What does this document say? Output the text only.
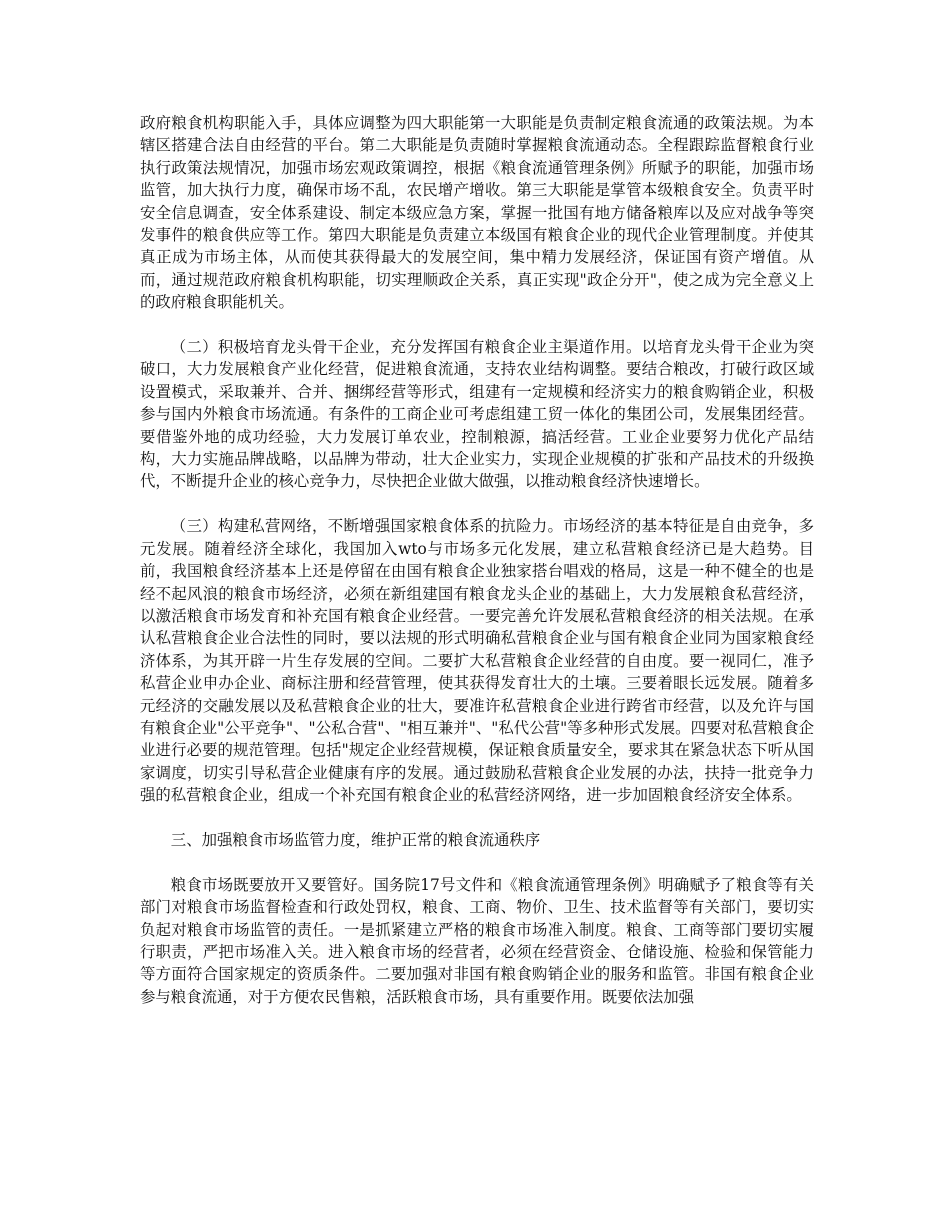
政府粮食机构职能入手，具体应调整为四大职能第一大职能是负责制定粮食流通的政策法规。为本辖区搭建合法自由经营的平台。第二大职能是负责随时掌握粮食流通动态。全程跟踪监督粮食行业执行政策法规情况，加强市场宏观政策调控，根据《粮食流通管理条例》所赋予的职能，加强市场监管，加大执行力度，确保市场不乱，农民增产增收。第三大职能是掌管本级粮食安全。负责平时安全信息调查，安全体系建设、制定本级应急方案，掌握一批国有地方储备粮库以及应对战争等突发事件的粮食供应等工作。第四大职能是负责建立本级国有粮食企业的现代企业管理制度。并使其真正成为市场主体，从而使其获得最大的发展空间，集中精力发展经济，保证国有资产增值。从而，通过规范政府粮食机构职能，切实理顺政企关系，真正实现"政企分开"，使之成为完全意义上的政府粮食职能机关。

（二）积极培育龙头骨干企业，充分发挥国有粮食企业主渠道作用。以培育龙头骨干企业为突破口，大力发展粮食产业化经营，促进粮食流通，支持农业结构调整。要结合粮改，打破行政区域设置模式，采取兼并、合并、捆绑经营等形式，组建有一定规模和经济实力的粮食购销企业，积极参与国内外粮食市场流通。有条件的工商企业可考虑组建工贸一体化的集团公司，发展集团经营。要借鉴外地的成功经验，大力发展订单农业，控制粮源，搞活经营。工业企业要努力优化产品结构，大力实施品牌战略，以品牌为带动，壮大企业实力，实现企业规模的扩张和产品技术的升级换代，不断提升企业的核心竞争力，尽快把企业做大做强，以推动粮食经济快速增长。

（三）构建私营网络，不断增强国家粮食体系的抗险力。市场经济的基本特征是自由竞争，多元发展。随着经济全球化，我国加入wto与市场多元化发展，建立私营粮食经济已是大趋势。目前，我国粮食经济基本上还是停留在由国有粮食企业独家搭台唱戏的格局，这是一种不健全的也是经不起风浪的粮食市场经济，必须在新组建国有粮食龙头企业的基础上，大力发展粮食私营经济，以激活粮食市场发育和补充国有粮食企业经营。一要完善允许发展私营粮食经济的相关法规。在承认私营粮食企业合法性的同时，要以法规的形式明确私营粮食企业与国有粮食企业同为国家粮食经济体系，为其开辟一片生存发展的空间。二要扩大私营粮食企业经营的自由度。要一视同仁，准予私营企业申办企业、商标注册和经营管理，使其获得发育壮大的土壤。三要着眼长远发展。随着多元经济的交融发展以及私营粮食企业的壮大，要准许私营粮食企业进行跨省市经营，以及允许与国有粮食企业"公平竞争"、"公私合营"、"相互兼并"、"私代公营"等多种形式发展。四要对私营粮食企业进行必要的规范管理。包括"规定企业经营规模，保证粮食质量安全，要求其在紧急状态下听从国家调度，切实引导私营企业健康有序的发展。通过鼓励私营粮食企业发展的办法，扶持一批竞争力强的私营粮食企业，组成一个补充国有粮食企业的私营经济网络，进一步加固粮食经济安全体系。

三、加强粮食市场监管力度，维护正常的粮食流通秩序

粮食市场既要放开又要管好。国务院17号文件和《粮食流通管理条例》明确赋予了粮食等有关部门对粮食市场监督检查和行政处罚权，粮食、工商、物价、卫生、技术监督等有关部门，要切实负起对粮食市场监管的责任。一是抓紧建立严格的粮食市场准入制度。粮食、工商等部门要切实履行职责，严把市场准入关。进入粮食市场的经营者，必须在经营资金、仓储设施、检验和保管能力等方面符合国家规定的资质条件。二要加强对非国有粮食购销企业的服务和监管。非国有粮食企业参与粮食流通，对于方便农民售粮，活跃粮食市场，具有重要作用。既要依法加强
